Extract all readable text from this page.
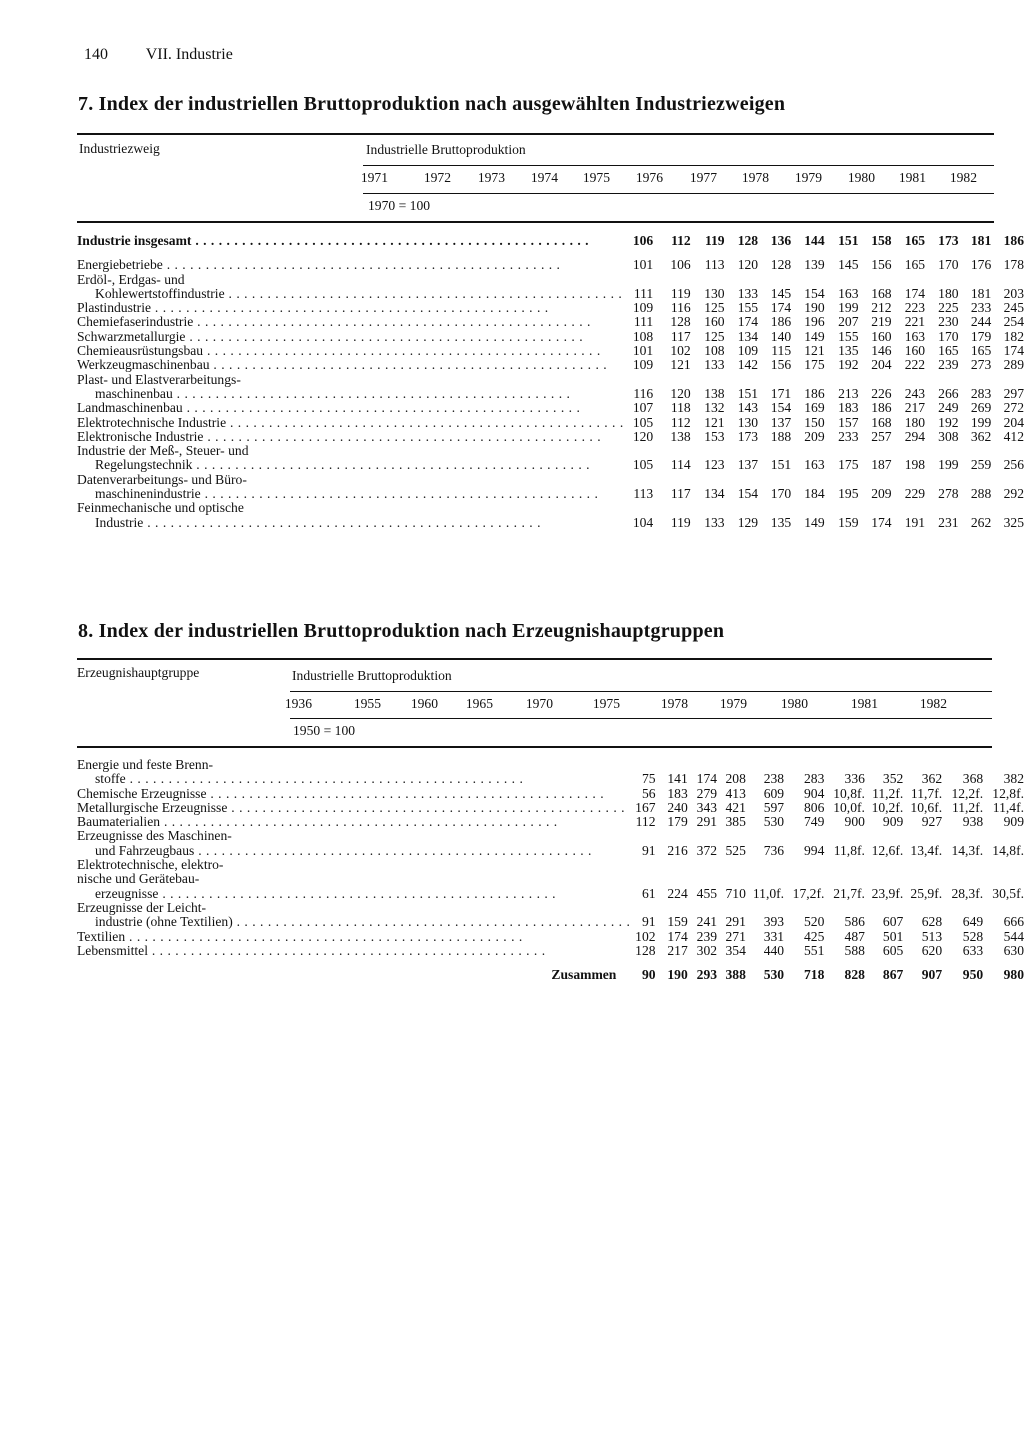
140 VII. Industrie
7. Index der industriellen Bruttoproduktion nach ausgewählten Industriezweigen
Industriezweig	Industrielle Bruttoproduktion
1971	1972	1973	1974	1975	1976	1977	1978	1979	1980	1981	1982
1970 = 100
Industrie insgesamt . . .	106	112	119	128	136	144	151	158	165	173	181	186

Energiebetriebe . . .	101	106	113	120	128	139	145	156	165	170	176	178
Erdöl-, Erdgas- und												
Kohlewertstoffindustrie . . .	111	119	130	133	145	154	163	168	174	180	181	203
Plastindustrie . . .	109	116	125	155	174	190	199	212	223	225	233	245
Chemiefaserindustrie . . .	111	128	160	174	186	196	207	219	221	230	244	254
Schwarzmetallurgie . . .	108	117	125	134	140	149	155	160	163	170	179	182
Chemieausrüstungsbau . . .	101	102	108	109	115	121	135	146	160	165	165	174
Werkzeugmaschinenbau . . .	109	121	133	142	156	175	192	204	222	239	273	289
Plast- und Elastverarbeitungs-												
maschinenbau . . .	116	120	138	151	171	186	213	226	243	266	283	297
Landmaschinenbau . . .	107	118	132	143	154	169	183	186	217	249	269	272
Elektrotechnische Industrie . . .	105	112	121	130	137	150	157	168	180	192	199	204
Elektronische Industrie . . .	120	138	153	173	188	209	233	257	294	308	362	412
Industrie der Meß-, Steuer- und												
Regelungstechnik . . .	105	114	123	137	151	163	175	187	198	199	259	256
Datenverarbeitungs- und Büro-												
maschinenindustrie . . .	113	117	134	154	170	184	195	209	229	278	288	292
Feinmechanische und optische												
Industrie . . .	104	119	133	129	135	149	159	174	191	231	262	325
8. Index der industriellen Bruttoproduktion nach Erzeugnishauptgruppen
Erzeugnishauptgruppe	Industrielle Bruttoproduktion
1936	1955	1960	1965	1970	1975	1978	1979	1980	1981	1982
1950 = 100
Energie und feste Brenn-											
stoffe . . .	75	141	174	208	238	283	336	352	362	368	382
Chemische Erzeugnisse . . .	56	183	279	413	609	904	10,8f.	11,2f.	11,7f.	12,2f.	12,8f.
Metallurgische Erzeugnisse . . .	167	240	343	421	597	806	10,0f.	10,2f.	10,6f.	11,2f.	11,4f.
Baumaterialien . . .	112	179	291	385	530	749	900	909	927	938	909
Erzeugnisse des Maschinen-											
und Fahrzeugbaus . . .	91	216	372	525	736	994	11,8f.	12,6f.	13,4f.	14,3f.	14,8f.
Elektrotechnische, elektro-											
nische und Gerätebau-											
erzeugnisse . . .	61	224	455	710	11,0f.	17,2f.	21,7f.	23,9f.	25,9f.	28,3f.	30,5f.
Erzeugnisse der Leicht-											
industrie (ohne Textilien) . . .	91	159	241	291	393	520	586	607	628	649	666
Textilien . . .	102	174	239	271	331	425	487	501	513	528	544
Lebensmittel . . .	128	217	302	354	440	551	588	605	620	633	630

Zusammen	90	190	293	388	530	718	828	867	907	950	980
